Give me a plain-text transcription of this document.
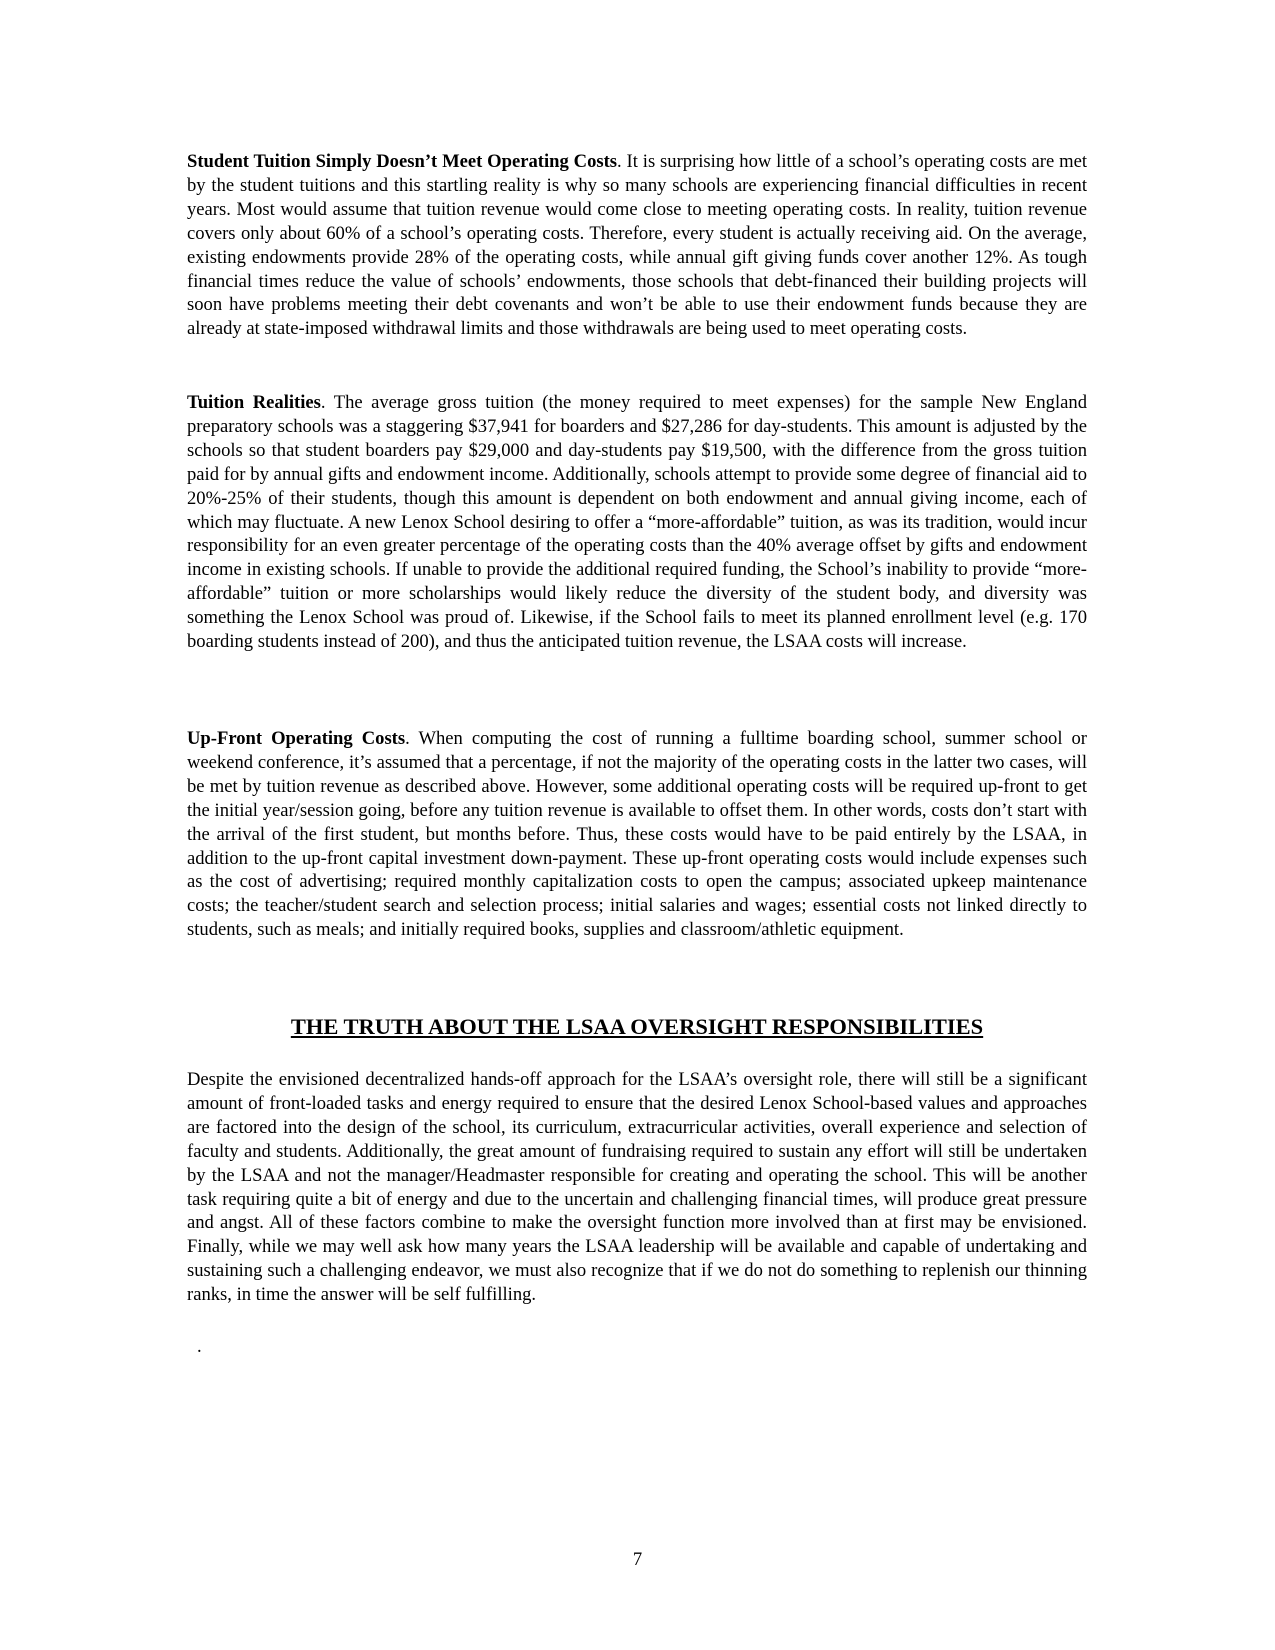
Student Tuition Simply Doesn’t Meet Operating Costs. It is surprising how little of a school’s operating costs are met by the student tuitions and this startling reality is why so many schools are experiencing financial difficulties in recent years. Most would assume that tuition revenue would come close to meeting operating costs. In reality, tuition revenue covers only about 60% of a school’s operating costs. Therefore, every student is actually receiving aid. On the average, existing endowments provide 28% of the operating costs, while annual gift giving funds cover another 12%. As tough financial times reduce the value of schools’ endowments, those schools that debt-financed their building projects will soon have problems meeting their debt covenants and won’t be able to use their endowment funds because they are already at state-imposed withdrawal limits and those withdrawals are being used to meet operating costs.

Tuition Realities. The average gross tuition (the money required to meet expenses) for the sample New England preparatory schools was a staggering $37,941 for boarders and $27,286 for day-students. This amount is adjusted by the schools so that student boarders pay $29,000 and day-students pay $19,500, with the difference from the gross tuition paid for by annual gifts and endowment income. Additionally, schools attempt to provide some degree of financial aid to 20%-25% of their students, though this amount is dependent on both endowment and annual giving income, each of which may fluctuate. A new Lenox School desiring to offer a “more-affordable” tuition, as was its tradition, would incur responsibility for an even greater percentage of the operating costs than the 40% average offset by gifts and endowment income in existing schools. If unable to provide the additional required funding, the School’s inability to provide “more-affordable” tuition or more scholarships would likely reduce the diversity of the student body, and diversity was something the Lenox School was proud of. Likewise, if the School fails to meet its planned enrollment level (e.g. 170 boarding students instead of 200), and thus the anticipated tuition revenue, the LSAA costs will increase.

Up-Front Operating Costs. When computing the cost of running a fulltime boarding school, summer school or weekend conference, it’s assumed that a percentage, if not the majority of the operating costs in the latter two cases, will be met by tuition revenue as described above. However, some additional operating costs will be required up-front to get the initial year/session going, before any tuition revenue is available to offset them. In other words, costs don’t start with the arrival of the first student, but months before. Thus, these costs would have to be paid entirely by the LSAA, in addition to the up-front capital investment down-payment. These up-front operating costs would include expenses such as the cost of advertising; required monthly capitalization costs to open the campus; associated upkeep maintenance costs; the teacher/student search and selection process; initial salaries and wages; essential costs not linked directly to students, such as meals; and initially required books, supplies and classroom/athletic equipment.

THE TRUTH ABOUT THE LSAA OVERSIGHT RESPONSIBILITIES

Despite the envisioned decentralized hands-off approach for the LSAA’s oversight role, there will still be a significant amount of front-loaded tasks and energy required to ensure that the desired Lenox School-based values and approaches are factored into the design of the school, its curriculum, extracurricular activities, overall experience and selection of faculty and students. Additionally, the great amount of fundraising required to sustain any effort will still be undertaken by the LSAA and not the manager/Headmaster responsible for creating and operating the school. This will be another task requiring quite a bit of energy and due to the uncertain and challenging financial times, will produce great pressure and angst. All of these factors combine to make the oversight function more involved than at first may be envisioned. Finally, while we may well ask how many years the LSAA leadership will be available and capable of undertaking and sustaining such a challenging endeavor, we must also recognize that if we do not do something to replenish our thinning ranks, in time the answer will be self fulfilling.

.
7
